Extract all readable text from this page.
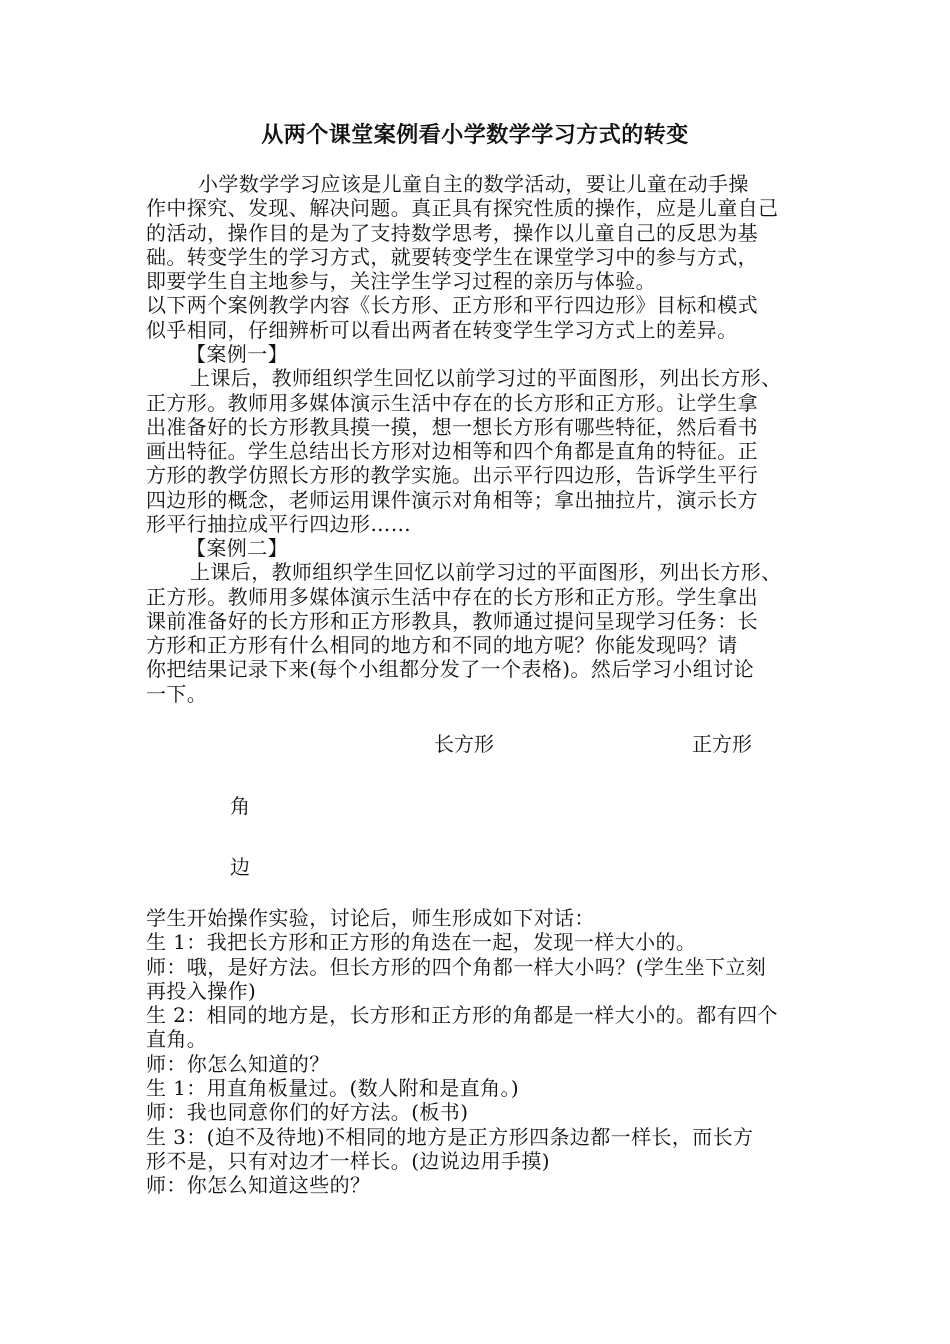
从两个课堂案例看小学数学学习方式的转变
小学数学学习应该是儿童自主的数学活动，要让儿童在动手操
作中探究、发现、解决问题。真正具有探究性质的操作，应是儿童自己
的活动，操作目的是为了支持数学思考，操作以儿童自己的反思为基
础。转变学生的学习方式，就要转变学生在课堂学习中的参与方式，
即要学生自主地参与，关注学生学习过程的亲历与体验。
以下两个案例教学内容《长方形、正方形和平行四边形》目标和模式
似乎相同，仔细辨析可以看出两者在转变学生学习方式上的差异。
【案例一】
上课后，教师组织学生回忆以前学习过的平面图形，列出长方形、
正方形。教师用多媒体演示生活中存在的长方形和正方形。让学生拿
出准备好的长方形教具摸一摸，想一想长方形有哪些特征，然后看书
画出特征。学生总结出长方形对边相等和四个角都是直角的特征。正
方形的教学仿照长方形的教学实施。出示平行四边形，告诉学生平行
四边形的概念，老师运用课件演示对角相等；拿出抽拉片，演示长方
形平行抽拉成平行四边形……
【案例二】
上课后，教师组织学生回忆以前学习过的平面图形，列出长方形、
正方形。教师用多媒体演示生活中存在的长方形和正方形。学生拿出
课前准备好的长方形和正方形教具，教师通过提问呈现学习任务：长
方形和正方形有什么相同的地方和不同的地方呢？你能发现吗？请
你把结果记录下来(每个小组都分发了一个表格)。然后学习小组讨论
一下。
长方形	正方形
角
边
学生开始操作实验，讨论后，师生形成如下对话：
生 1：我把长方形和正方形的角迭在一起，发现一样大小的。
师：哦，是好方法。但长方形的四个角都一样大小吗？(学生坐下立刻
再投入操作)
生 2：相同的地方是，长方形和正方形的角都是一样大小的。都有四个
直角。
师：你怎么知道的？
生 1：用直角板量过。(数人附和是直角。)
师：我也同意你们的好方法。(板书)
生 3：(迫不及待地)不相同的地方是正方形四条边都一样长，而长方
形不是，只有对边才一样长。(边说边用手摸)
师：你怎么知道这些的？
